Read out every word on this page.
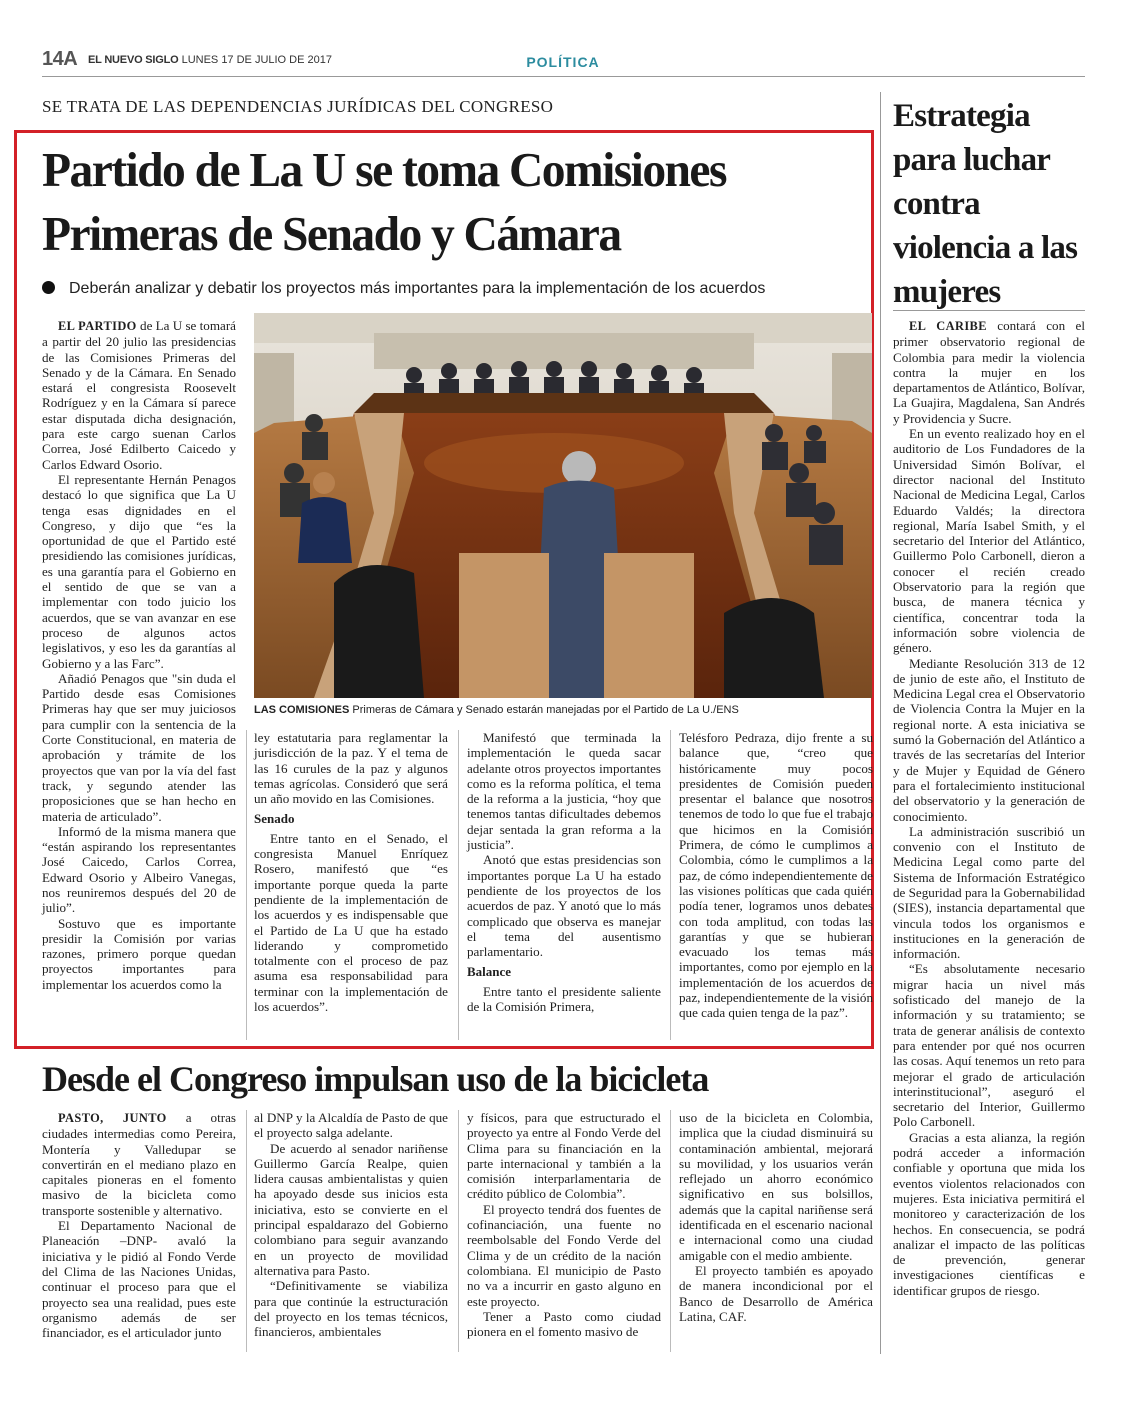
14A EL NUEVO SIGLO LUNES 17 DE JULIO DE 2017	POLÍTICA
SE TRATA DE LAS DEPENDENCIAS JURÍDICAS DEL CONGRESO
Partido de La U se toma Comisiones
Primeras de Senado y Cámara
Deberán analizar y debatir los proyectos más importantes para la implementación de los acuerdos
LAS COMISIONES Primeras de Cámara y Senado estarán manejadas por el Partido de La U./ENS

EL PARTIDO de La U se tomará a partir del 20 julio las presidencias de las Comisiones Primeras del Senado y de la Cámara. En Senado estará el congresista Roosevelt Rodríguez y en la Cámara sí parece estar disputada dicha designación, para este cargo suenan Carlos Correa, José Edilberto Caicedo y Carlos Edward Osorio.

El representante Hernán Penagos destacó lo que significa que La U tenga esas dignidades en el Congreso, y dijo que “es la oportunidad de que el Partido esté presidiendo las comisiones jurídicas, es una garantía para el Gobierno en el sentido de que se van a implementar con todo juicio los acuerdos, que se van avanzar en ese proceso de algunos actos legislativos, y eso les da garantías al Gobierno y a las Farc”.

Añadió Penagos que "sin duda el Partido desde esas Comisiones Primeras hay que ser muy juiciosos para cumplir con la sentencia de la Corte Constitucional, en materia de aprobación y trámite de los proyectos que van por la vía del fast track, y segundo atender las proposiciones que se han hecho en materia de articulado”.

Informó de la misma manera que “están aspirando los representantes José Caicedo, Carlos Correa, Edward Osorio y Albeiro Vanegas, nos reuniremos después del 20 de julio”.

Sostuvo que es importante presidir la Comisión por varias razones, primero porque quedan proyectos importantes para implementar los acuerdos como la

ley estatutaria para reglamentar la jurisdicción de la paz. Y el tema de las 16 curules de la paz y algunos temas agrícolas. Consideró que será un año movido en las Comisiones.

Senado

Entre tanto en el Senado, el congresista Manuel Enríquez Rosero, manifestó que “es importante porque queda la parte pendiente de la implementación de los acuerdos y es indispensable que el Partido de La U que ha estado liderando y comprometido totalmente con el proceso de paz asuma esa responsabilidad para terminar con la implementación de los acuerdos”.

Manifestó que terminada la implementación le queda sacar adelante otros proyectos importantes como es la reforma política, el tema de la reforma a la justicia, “hoy que tenemos tantas dificultades debemos dejar sentada la gran reforma a la justicia”.

Anotó que estas presidencias son importantes porque La U ha estado pendiente de los proyectos de los acuerdos de paz. Y anotó que lo más complicado que observa es manejar el tema del ausentismo parlamentario.

Balance

Entre tanto el presidente saliente de la Comisión Primera,

Telésforo Pedraza, dijo frente a su balance que, “creo que históricamente muy pocos presidentes de Comisión pueden presentar el balance que nosotros tenemos de todo lo que fue el trabajo que hicimos en la Comisión Primera, de cómo le cumplimos a Colombia, cómo le cumplimos a la paz, de cómo independientemente de las visiones políticas que cada quién podía tener, logramos unos debates con toda amplitud, con todas las garantías y que se hubieran evacuado los temas más importantes, como por ejemplo en la implementación de los acuerdos de paz, independientemente de la visión que cada quien tenga de la paz”.

Desde el Congreso impulsan uso de la bicicleta

PASTO, JUNTO a otras ciudades intermedias como Pereira, Montería y Valledupar se convertirán en el mediano plazo en capitales pioneras en el fomento masivo de la bicicleta como transporte sostenible y alternativo.

El Departamento Nacional de Planeación –DNP- avaló la iniciativa y le pidió al Fondo Verde del Clima de las Naciones Unidas, continuar el proceso para que el proyecto sea una realidad, pues este organismo además de ser financiador, es el articulador junto

al DNP y la Alcaldía de Pasto de que el proyecto salga adelante.

De acuerdo al senador nariñense Guillermo García Realpe, quien lidera causas ambientalistas y quien ha apoyado desde sus inicios esta iniciativa, esto se convierte en el principal espaldarazo del Gobierno colombiano para seguir avanzando en un proyecto de movilidad alternativa para Pasto.

“Definitivamente se viabiliza para que continúe la estructuración del proyecto en los temas técnicos, financieros, ambientales

y físicos, para que estructurado el proyecto ya entre al Fondo Verde del Clima para su financiación en la parte internacional y también a la comisión interparlamentaria de crédito público de Colombia”.

El proyecto tendrá dos fuentes de cofinanciación, una fuente no reembolsable del Fondo Verde del Clima y de un crédito de la nación colombiana. El municipio de Pasto no va a incurrir en gasto alguno en este proyecto.

Tener a Pasto como ciudad pionera en el fomento masivo de

uso de la bicicleta en Colombia, implica que la ciudad disminuirá su contaminación ambiental, mejorará su movilidad, y los usuarios verán reflejado un ahorro económico significativo en sus bolsillos, además que la capital nariñense será identificada en el escenario nacional e internacional como una ciudad amigable con el medio ambiente.

El proyecto también es apoyado de manera incondicional por el Banco de Desarrollo de América Latina, CAF.

Estrategia para luchar contra violencia a las mujeres

EL CARIBE contará con el primer observatorio regional de Colombia para medir la violencia contra la mujer en los departamentos de Atlántico, Bolívar, La Guajira, Magdalena, San Andrés y Providencia y Sucre.

En un evento realizado hoy en el auditorio de Los Fundadores de la Universidad Simón Bolívar, el director nacional del Instituto Nacional de Medicina Legal, Carlos Eduardo Valdés; la directora regional, María Isabel Smith, y el secretario del Interior del Atlántico, Guillermo Polo Carbonell, dieron a conocer el recién creado Observatorio para la región que busca, de manera técnica y científica, concentrar toda la información sobre violencia de género.

Mediante Resolución 313 de 12 de junio de este año, el Instituto de Medicina Legal crea el Observatorio de Violencia Contra la Mujer en la regional norte. A esta iniciativa se sumó la Gobernación del Atlántico a través de las secretarías del Interior y de Mujer y Equidad de Género para el fortalecimiento institucional del observatorio y la generación de conocimiento.

La administración suscribió un convenio con el Instituto de Medicina Legal como parte del Sistema de Información Estratégico de Seguridad para la Gobernabilidad (SIES), instancia departamental que vincula todos los organismos e instituciones en la generación de información.

“Es absolutamente necesario migrar hacia un nivel más sofisticado del manejo de la información y su tratamiento; se trata de generar análisis de contexto para entender por qué nos ocurren las cosas. Aquí tenemos un reto para mejorar el grado de articulación interinstitucional”, aseguró el secretario del Interior, Guillermo Polo Carbonell.

Gracias a esta alianza, la región podrá acceder a información confiable y oportuna que mida los eventos violentos relacionados con mujeres. Esta iniciativa permitirá el monitoreo y caracterización de los hechos. En consecuencia, se podrá analizar el impacto de las políticas de prevención, generar investigaciones científicas e identificar grupos de riesgo.
